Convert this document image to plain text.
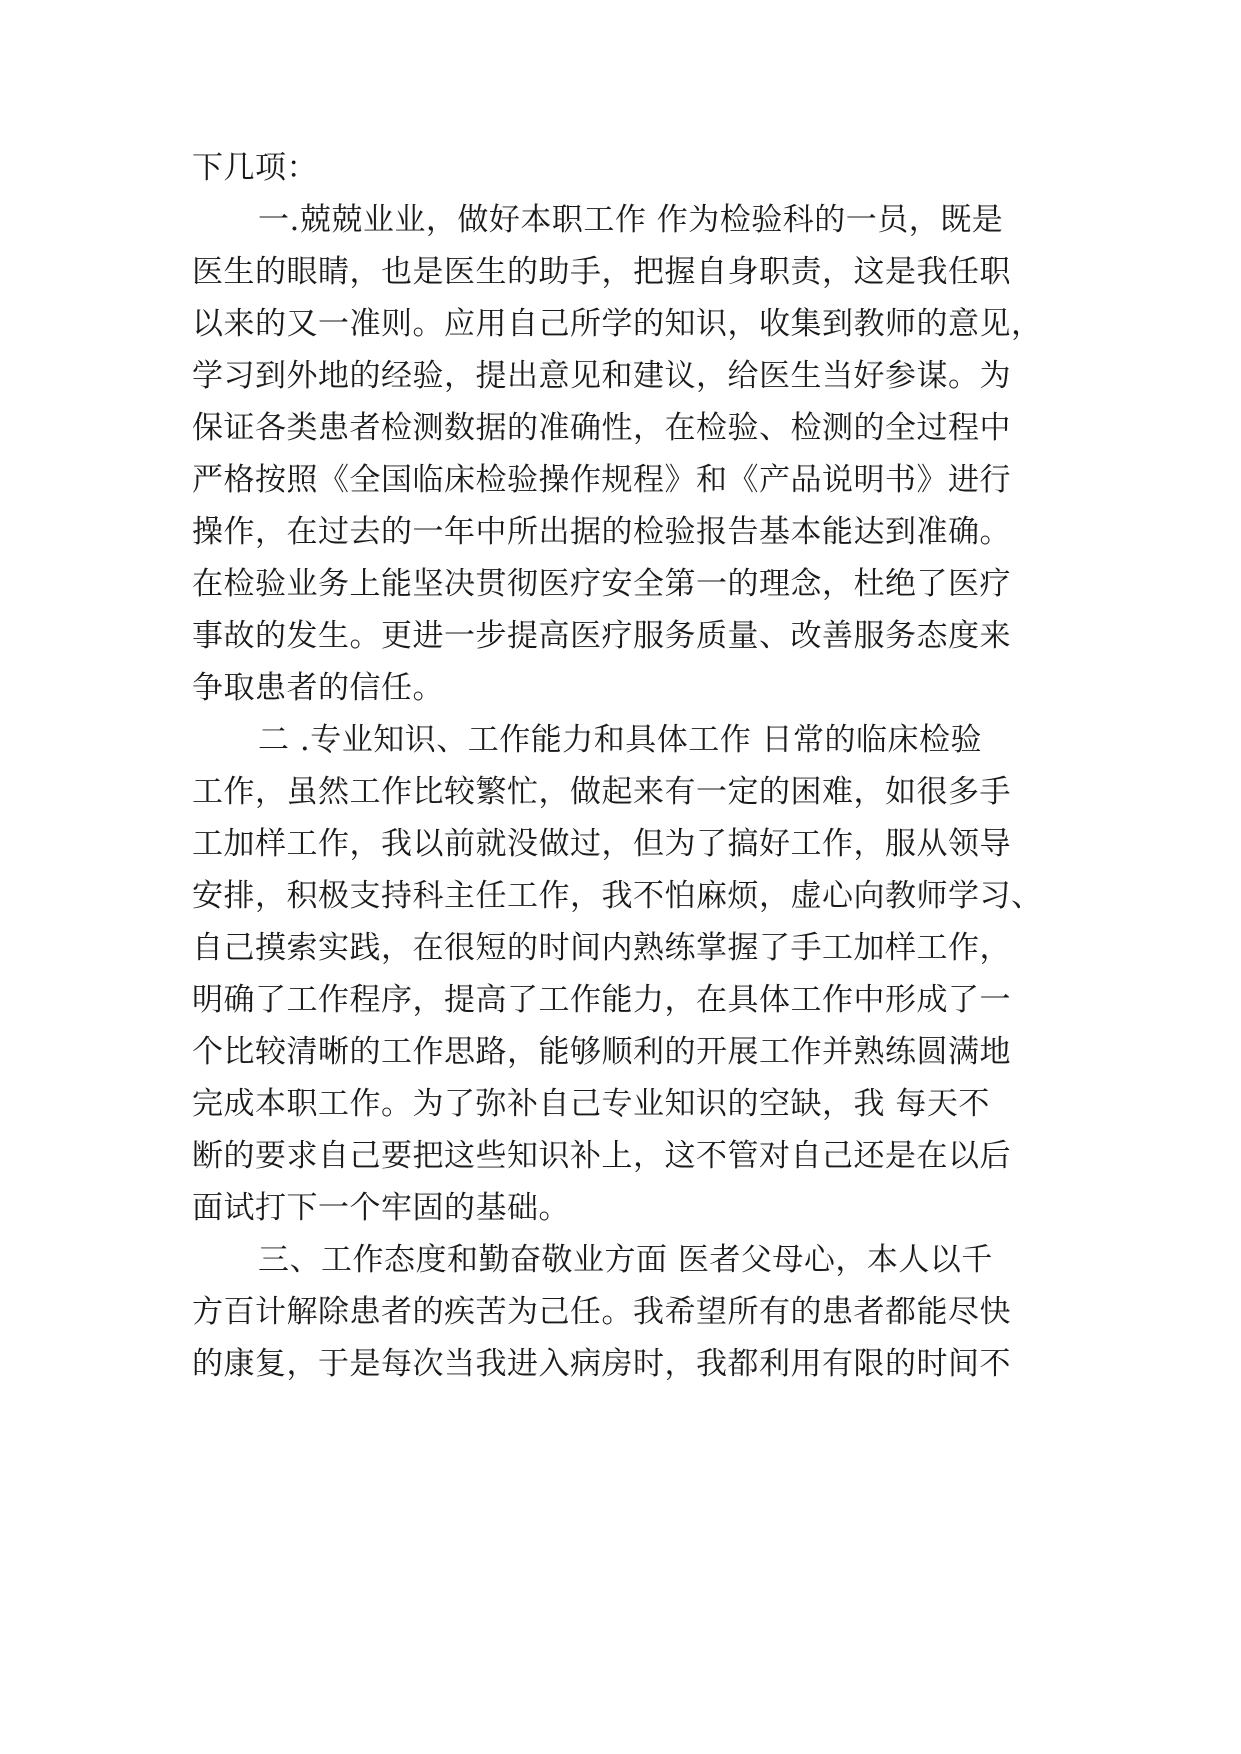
下几项：
一.兢兢业业，做好本职工作 作为检验科的一员，既是
医生的眼睛，也是医生的助手，把握自身职责，这是我任职
以来的又一准则。应用自己所学的知识，收集到教师的意见，
学习到外地的经验，提出意见和建议，给医生当好参谋。为
保证各类患者检测数据的准确性，在检验、检测的全过程中
严格按照《全国临床检验操作规程》和《产品说明书》进行
操作，在过去的一年中所出据的检验报告基本能达到准确。
在检验业务上能坚决贯彻医疗安全第一的理念，杜绝了医疗
事故的发生。更进一步提高医疗服务质量、改善服务态度来
争取患者的信任。
二 .专业知识、工作能力和具体工作 日常的临床检验
工作，虽然工作比较繁忙，做起来有一定的困难，如很多手
工加样工作，我以前就没做过，但为了搞好工作，服从领导
安排，积极支持科主任工作，我不怕麻烦，虚心向教师学习、
自己摸索实践，在很短的时间内熟练掌握了手工加样工作，
明确了工作程序，提高了工作能力，在具体工作中形成了一
个比较清晰的工作思路，能够顺利的开展工作并熟练圆满地
完成本职工作。为了弥补自己专业知识的空缺，我 每天不
断的要求自己要把这些知识补上，这不管对自己还是在以后
面试打下一个牢固的基础。
三、工作态度和勤奋敬业方面 医者父母心，本人以千
方百计解除患者的疾苦为己任。我希望所有的患者都能尽快
的康复，于是每次当我进入病房时，我都利用有限的时间不
